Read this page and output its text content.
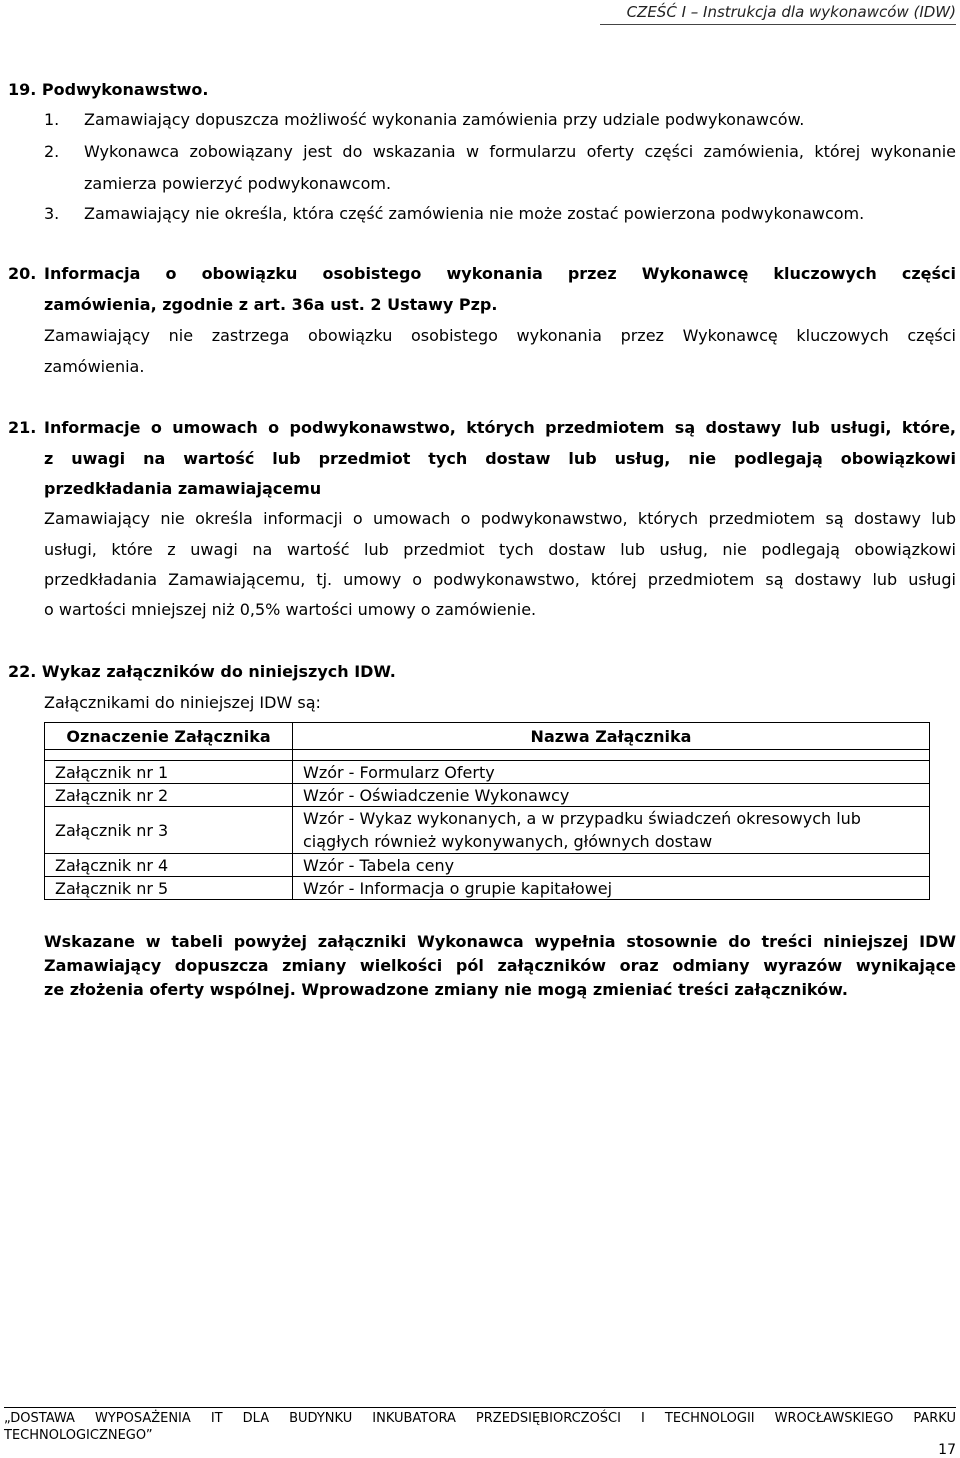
CZEŚĆ I – Instrukcja dla wykonawców (IDW)
19. Podwykonawstwo.
1. Zamawiający dopuszcza możliwość wykonania zamówienia przy udziale podwykonawców.
2. Wykonawca zobowiązany jest do wskazania w formularzu oferty części zamówienia, której wykonanie
zamierza powierzyć podwykonawcom.
3. Zamawiający nie określa, która część zamówienia nie może zostać powierzona podwykonawcom.
20. Informacja o obowiązku osobistego wykonania przez Wykonawcę kluczowych części
zamówienia, zgodnie z art. 36a ust. 2 Ustawy Pzp.
Zamawiający nie zastrzega obowiązku osobistego wykonania przez Wykonawcę kluczowych części
zamówienia.
21. Informacje o umowach o podwykonawstwo, których przedmiotem są dostawy lub usługi, które,
z uwagi na wartość lub przedmiot tych dostaw lub usług, nie podlegają obowiązkowi
przedkładania zamawiającemu
Zamawiający nie określa informacji o umowach o podwykonawstwo, których przedmiotem są dostawy lub
usługi, które z uwagi na wartość lub przedmiot tych dostaw lub usług, nie podlegają obowiązkowi
przedkładania Zamawiającemu, tj. umowy o podwykonawstwo, której przedmiotem są dostawy lub usługi
o wartości mniejszej niż 0,5% wartości umowy o zamówienie.
22. Wykaz załączników do niniejszych IDW.
Załącznikami do niniejszej IDW są:
Oznaczenie Załącznika	Nazwa Załącznika

Załącznik nr 1	Wzór - Formularz Oferty
Załącznik nr 2	Wzór - Oświadczenie Wykonawcy
Załącznik nr 3	Wzór - Wykaz wykonanych, a w przypadku świadczeń okresowych lub
ciągłych również wykonywanych, głównych dostaw

Załącznik nr 4	Wzór - Tabela ceny
Załącznik nr 5	Wzór - Informacja o grupie kapitałowej
Wskazane w tabeli powyżej załączniki Wykonawca wypełnia stosownie do treści niniejszej IDW
Zamawiający dopuszcza zmiany wielkości pól załączników oraz odmiany wyrazów wynikające
ze złożenia oferty wspólnej. Wprowadzone zmiany nie mogą zmieniać treści załączników.
„DOSTAWA WYPOSAŻENIA IT DLA BUDYNKU INKUBATORA PRZEDSIĘBIORCZOŚCI I TECHNOLOGII WROCŁAWSKIEGO PARKU
TECHNOLOGICZNEGO”
17
